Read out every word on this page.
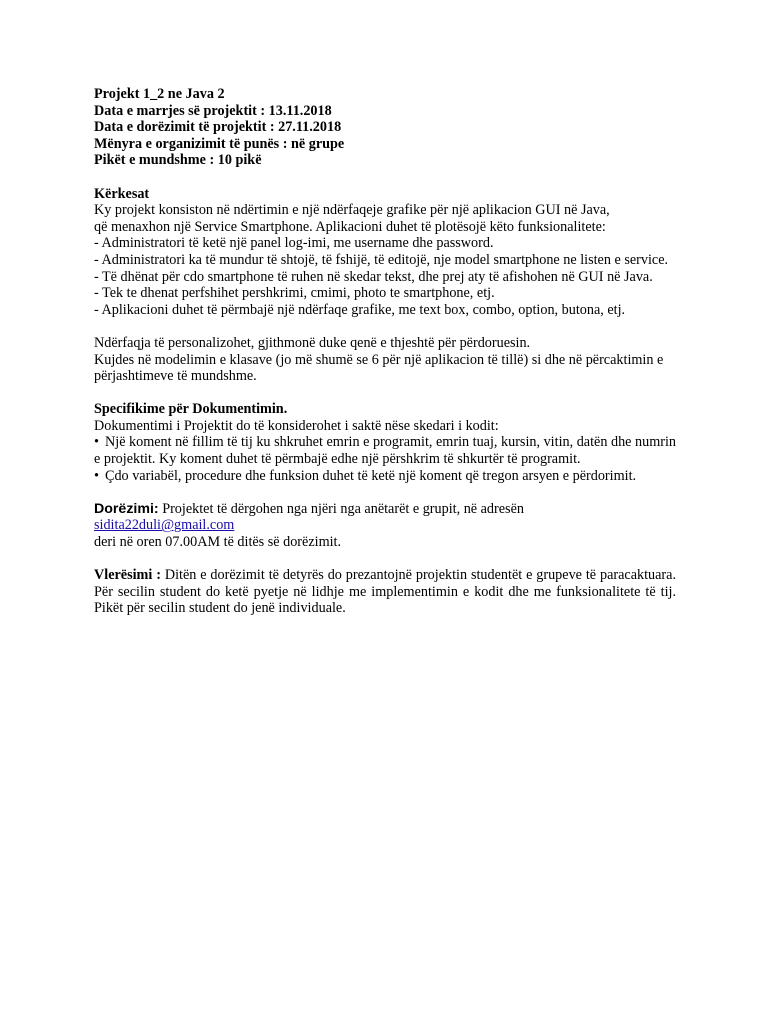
Projekt 1_2 ne Java 2

Data e marrjes së projektit : 13.11.2018

Data e dorëzimit të projektit : 27.11.2018

Mënyra e organizimit të punës : në grupe

Pikët e mundshme : 10 pikë

Kërkesat

Ky projekt konsiston në ndërtimin e një ndërfaqeje grafike për një aplikacion GUI në Java,

që menaxhon një Service Smartphone. Aplikacioni duhet të plotësojë këto funksionalitete:

- Administratori të ketë një panel log-imi, me username dhe password.

- Administratori ka të mundur të shtojë, të fshijë, të editojë, nje model smartphone ne listen e service.

- Të dhënat për cdo smartphone të ruhen në skedar tekst, dhe prej aty të afishohen në GUI në Java.

- Tek te dhenat perfshihet pershkrimi, cmimi, photo te smartphone, etj.

- Aplikacioni duhet të përmbajë një ndërfaqe grafike, me text box, combo, option, butona, etj.

Ndërfaqja të personalizohet, gjithmonë duke qenë e thjeshtë për përdoruesin.

Kujdes në modelimin e klasave (jo më shumë se 6 për një aplikacion të tillë) si dhe në përcaktimin e përjashtimeve të mundshme.

Specifikime për Dokumentimin.

Dokumentimi i Projektit do të konsiderohet i saktë nëse skedari i kodit:

• Një koment në fillim të tij ku shkruhet emrin e programit, emrin tuaj, kursin, vitin, datën dhe numrin e projektit. Ky koment duhet të përmbajë edhe një përshkrim të shkurtër të programit.

• Çdo variabël, procedure dhe funksion duhet të ketë një koment që tregon arsyen e përdorimit.

Dorëzimi: Projektet të dërgohen nga njëri nga anëtarët e grupit, në adresën

sidita22duli@gmail.com

deri në oren 07.00AM të ditës së dorëzimit.

Vlerësimi : Ditën e dorëzimit të detyrës do prezantojnë projektin studentët e grupeve të paracaktuara. Për secilin student do ketë pyetje në lidhje me implementimin e kodit dhe me funksionalitete të tij. Pikët për secilin student do jenë individuale.
